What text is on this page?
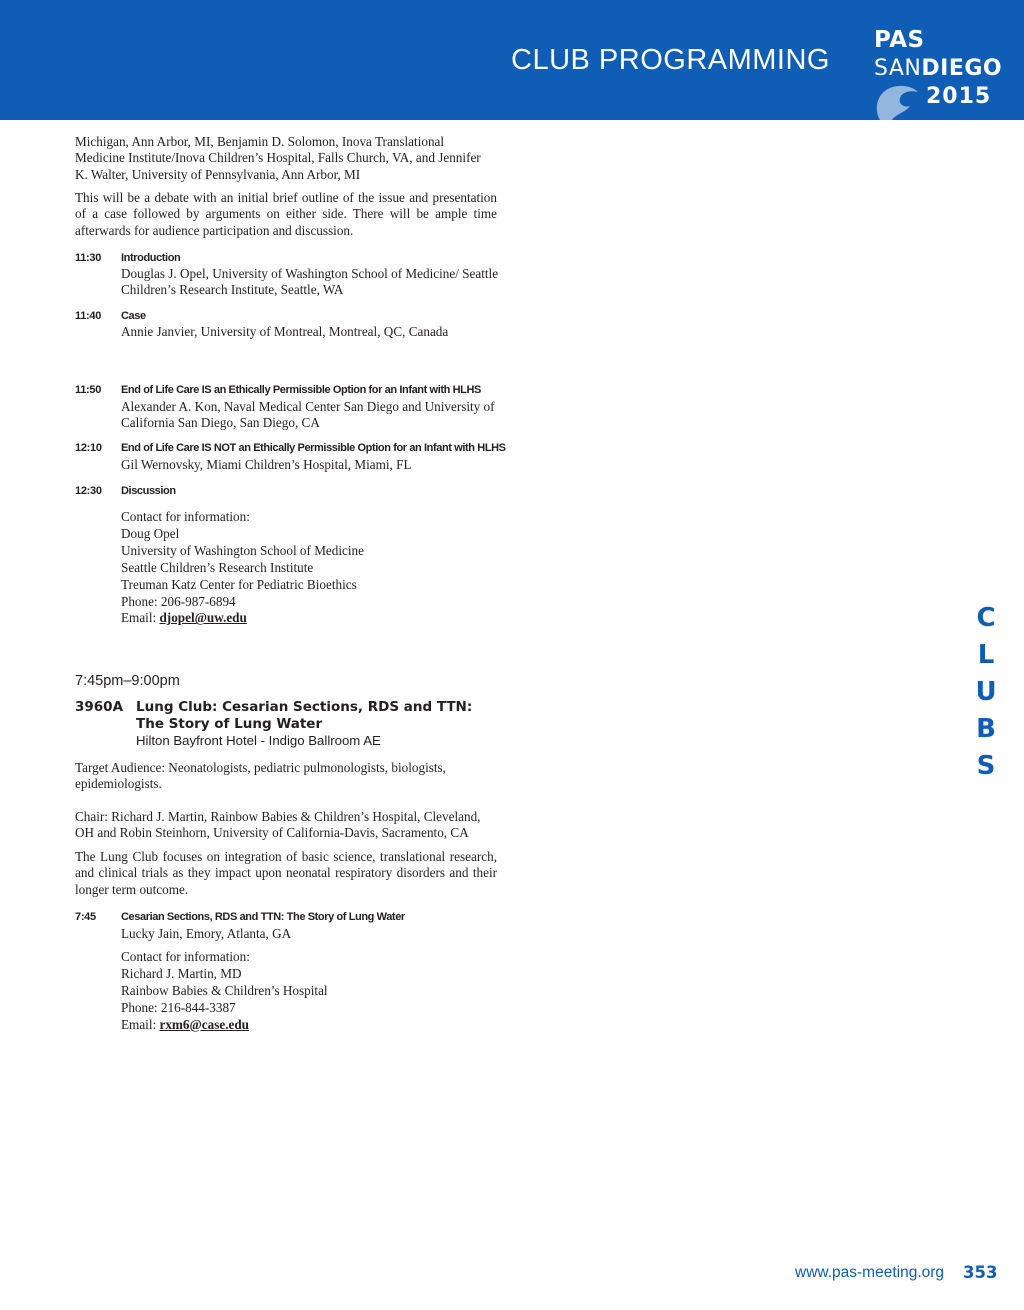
CLUB PROGRAMMING
PAS
SANDIEGO
2015

Michigan, Ann Arbor, MI, Benjamin D. Solomon, Inova Translational Medicine Institute/Inova Children’s Hospital, Falls Church, VA, and Jennifer K. Walter, University of Pennsylvania, Ann Arbor, MI

This will be a debate with an initial brief outline of the issue and presentation of a case followed by arguments on either side. There will be ample time afterwards for audience participation and discussion.

11:30 Introduction

Douglas J. Opel, University of Washington School of Medicine/ Seattle Children’s Research Institute, Seattle, WA

11:40 Case

Annie Janvier, University of Montreal, Montreal, QC, Canada

11:50 End of Life Care IS an Ethically Permissible Option for an Infant with HLHS

Alexander A. Kon, Naval Medical Center San Diego and University of California San Diego, San Diego, CA

12:10 End of Life Care IS NOT an Ethically Permissible Option for an Infant with HLHS

Gil Wernovsky, Miami Children’s Hospital, Miami, FL

12:30 Discussion
Contact for information:
Doug Opel
University of Washington School of Medicine
Seattle Children’s Research Institute
Treuman Katz Center for Pediatric Bioethics
Phone: 206-987-6894
Email: djopel@uw.edu
7:45pm–9:00pm
3960A Lung Club: Cesarian Sections, RDS and TTN: The Story of Lung Water
Hilton Bayfront Hotel - Indigo Ballroom AE

Target Audience: Neonatologists, pediatric pulmonologists, biologists, epidemiologists.

Chair: Richard J. Martin, Rainbow Babies & Children’s Hospital, Cleveland, OH and Robin Steinhorn, University of California-Davis, Sacramento, CA

The Lung Club focuses on integration of basic science, translational research, and clinical trials as they impact upon neonatal respiratory disorders and their longer term outcome.

7:45 Cesarian Sections, RDS and TTN: The Story of Lung Water

Lucky Jain, Emory, Atlanta, GA

Contact for information:
Richard J. Martin, MD
Rainbow Babies & Children’s Hospital
Phone: 216-844-3387
Email: rxm6@case.edu
C
L
U
B
S
www.pas-meeting.org 353
